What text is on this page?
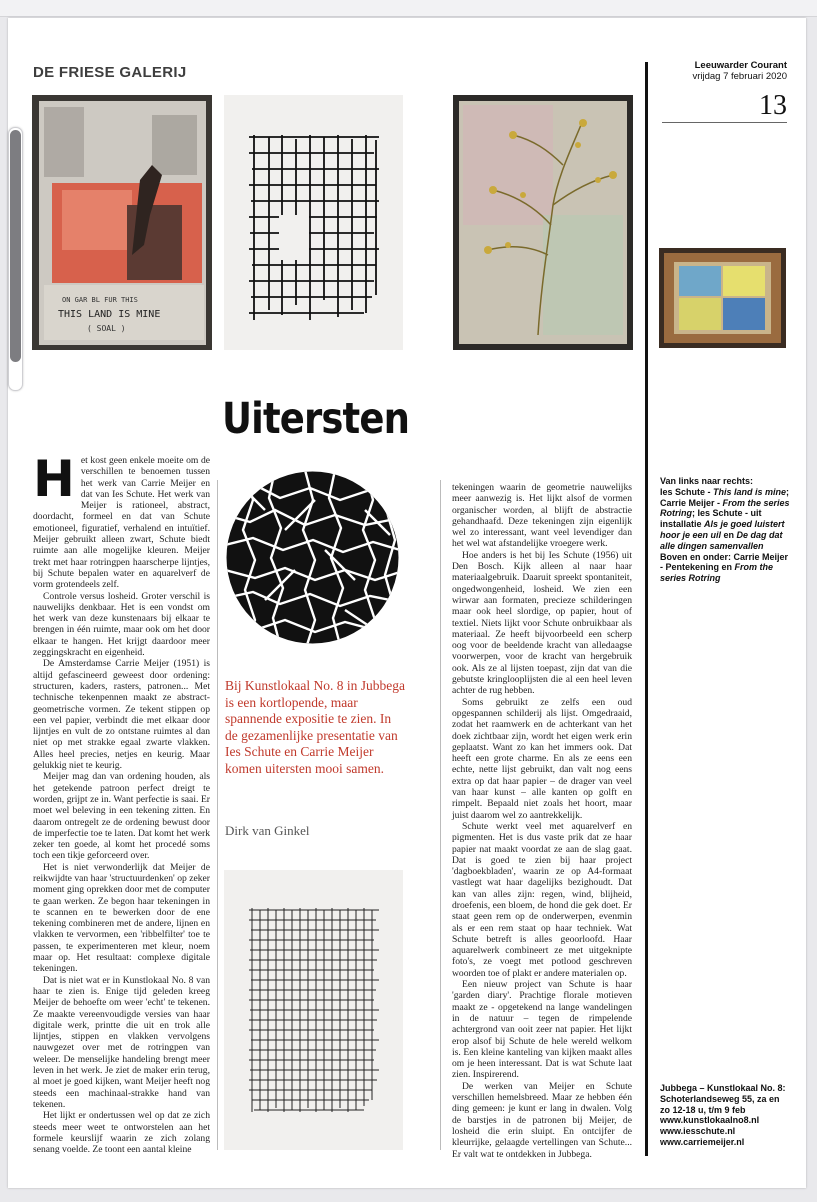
DE FRIESE GALERIJ	Leeuwarder Courant
vrijdag 7 februari 2020
13
ON GAR BL FUR THIS
THIS LAND IS MINE
( SOAL )
Uitersten
H et kost geen enkele moeite om de verschillen te benoemen tussen het werk van Carrie Meijer en dat van Ies Schute. Het werk van Meijer is rationeel, abstract, doordacht, formeel en dat van Schute emotioneel, figuratief, verhalend en intuïtief. Meijer gebruikt alleen zwart, Schute biedt ruimte aan alle mogelijke kleuren. Meijer trekt met haar rotringpen haarscherpe lijntjes, bij Schute bepalen water en aquarelverf de vorm grotendeels zelf.

Controle versus losheid. Groter verschil is nauwelijks denkbaar. Het is een vondst om het werk van deze kunstenaars bij elkaar te brengen in één ruimte, maar ook om het door elkaar te hangen. Het krijgt daardoor meer zeggingskracht en eigenheid.

De Amsterdamse Carrie Meijer (1951) is altijd gefascineerd geweest door ordening: structuren, kaders, rasters, patronen... Met technische tekenpennen maakt ze abstract-geometrische vormen. Ze tekent stippen op een vel papier, verbindt die met elkaar door lijntjes en vult de zo ontstane ruimtes al dan niet op met strakke egaal zwarte vlakken. Alles heel precies, netjes en keurig. Maar gelukkig niet te keurig.

Meijer mag dan van ordening houden, als het getekende patroon perfect dreigt te worden, grijpt ze in. Want perfectie is saai. Er moet wel beleving in een tekening zitten. En daarom ontregelt ze de ordening bewust door de imperfectie toe te laten. Dat komt het werk zeker ten goede, al komt het procedé soms toch een tikje geforceerd over.

Het is niet verwonderlijk dat Meijer de reikwijdte van haar 'structuurdenken' op zeker moment ging oprekken door met de computer te gaan werken. Ze begon haar tekeningen in te scannen en te bewerken door de ene tekening combineren met de andere, lijnen en vlakken te vervormen, een 'ribbelfilter' toe te passen, te experimenteren met kleur, noem maar op. Het resultaat: complexe digitale tekeningen.

Dat is niet wat er in Kunstlokaal No. 8 van haar te zien is. Enige tijd geleden kreeg Meijer de behoefte om weer 'echt' te tekenen. Ze maakte vereenvoudigde versies van haar digitale werk, printte die uit en trok alle lijntjes, stippen en vlakken vervolgens nauwgezet over met de rotringpen van weleer. De menselijke handeling brengt meer leven in het werk. Je ziet de maker erin terug, al moet je goed kijken, want Meijer heeft nog steeds een machinaal-strakke hand van tekenen.

Het lijkt er ondertussen wel op dat ze zich steeds meer weet te ontworstelen aan het formele keurslijf waarin ze zich zolang senang voelde. Ze toont een aantal kleine

Bij Kunstlokaal No. 8 in Jubbega is een kortlopende, maar spannende expositie te zien. In de gezamenlijke presentatie van Ies Schute en Carrie Meijer komen uitersten mooi samen.
Dirk van Ginkel

tekeningen waarin de geometrie nauwelijks meer aanwezig is. Het lijkt alsof de vormen organischer worden, al blijft de abstractie gehandhaafd. Deze tekeningen zijn eigenlijk wel zo interessant, want veel levendiger dan het wel wat afstandelijke vroegere werk.

Hoe anders is het bij Ies Schute (1956) uit Den Bosch. Kijk alleen al naar haar materiaalgebruik. Daaruit spreekt spontaniteit, ongedwongenheid, losheid. We zien een wirwar aan formaten, precieze schilderingen maar ook heel slordige, op papier, hout of textiel. Niets lijkt voor Schute onbruikbaar als materiaal. Ze heeft bijvoorbeeld een scherp oog voor de beeldende kracht van alledaagse voorwerpen, voor de kracht van hergebruik ook. Als ze al lijsten toepast, zijn dat van die gebutste kringlooplijsten die al een heel leven achter de rug hebben.

Soms gebruikt ze zelfs een oud opgespannen schilderij als lijst. Omgedraaid, zodat het raamwerk en de achterkant van het doek zichtbaar zijn, wordt het eigen werk erin geplaatst. Want zo kan het immers ook. Dat heeft een grote charme. En als ze eens een echte, nette lijst gebruikt, dan valt nog eens extra op dat haar papier – de drager van veel van haar kunst – alle kanten op golft en rimpelt. Bepaald niet zoals het hoort, maar juist daarom wel zo aantrekkelijk.

Schute werkt veel met aquarelverf en pigmenten. Het is dus vaste prik dat ze haar papier nat maakt voordat ze aan de slag gaat. Dat is goed te zien bij haar project 'dagboekbladen', waarin ze op A4-formaat vastlegt wat haar dagelijks bezighoudt. Dat kan van alles zijn: regen, wind, blijheid, droefenis, een bloem, de hond die gek doet. Er staat geen rem op de onderwerpen, evenmin als er een rem staat op haar techniek. Wat Schute betreft is alles geoorloofd. Haar aquarelwerk combineert ze met uitgeknipte foto's, ze voegt met potlood geschreven woorden toe of plakt er andere materialen op.

Een nieuw project van Schute is haar 'garden diary'. Prachtige florale motieven maakt ze - opgetekend na lange wandelingen in de natuur – tegen de rimpelende achtergrond van ooit zeer nat papier. Het lijkt erop alsof bij Schute de hele wereld welkom is. Een kleine kanteling van kijken maakt alles om je heen interessant. Dat is wat Schute laat zien. Inspirerend.

De werken van Meijer en Schute verschillen hemelsbreed. Maar ze hebben één ding gemeen: je kunt er lang in dwalen. Volg de barstjes in de patronen bij Meijer, de losheid die erin sluipt. En ontcijfer de kleurrijke, gelaagde vertellingen van Schute... Er valt wat te ontdekken in Jubbega.

Van links naar rechts:
Ies Schute - This land is mine;
Carrie Meijer - From the series Rotring; Ies Schute - uit installatie Als je goed luistert hoor je een uil en De dag dat alle dingen samenvallen
Boven en onder: Carrie Meijer - Pentekening en From the series Rotring
Jubbega – Kunstlokaal No. 8:
Schoterlandseweg 55, za en
zo 12-18 u, t/m 9 feb
www.kunstlokaalno8.nl
www.iesschute.nl
www.carriemeijer.nl
